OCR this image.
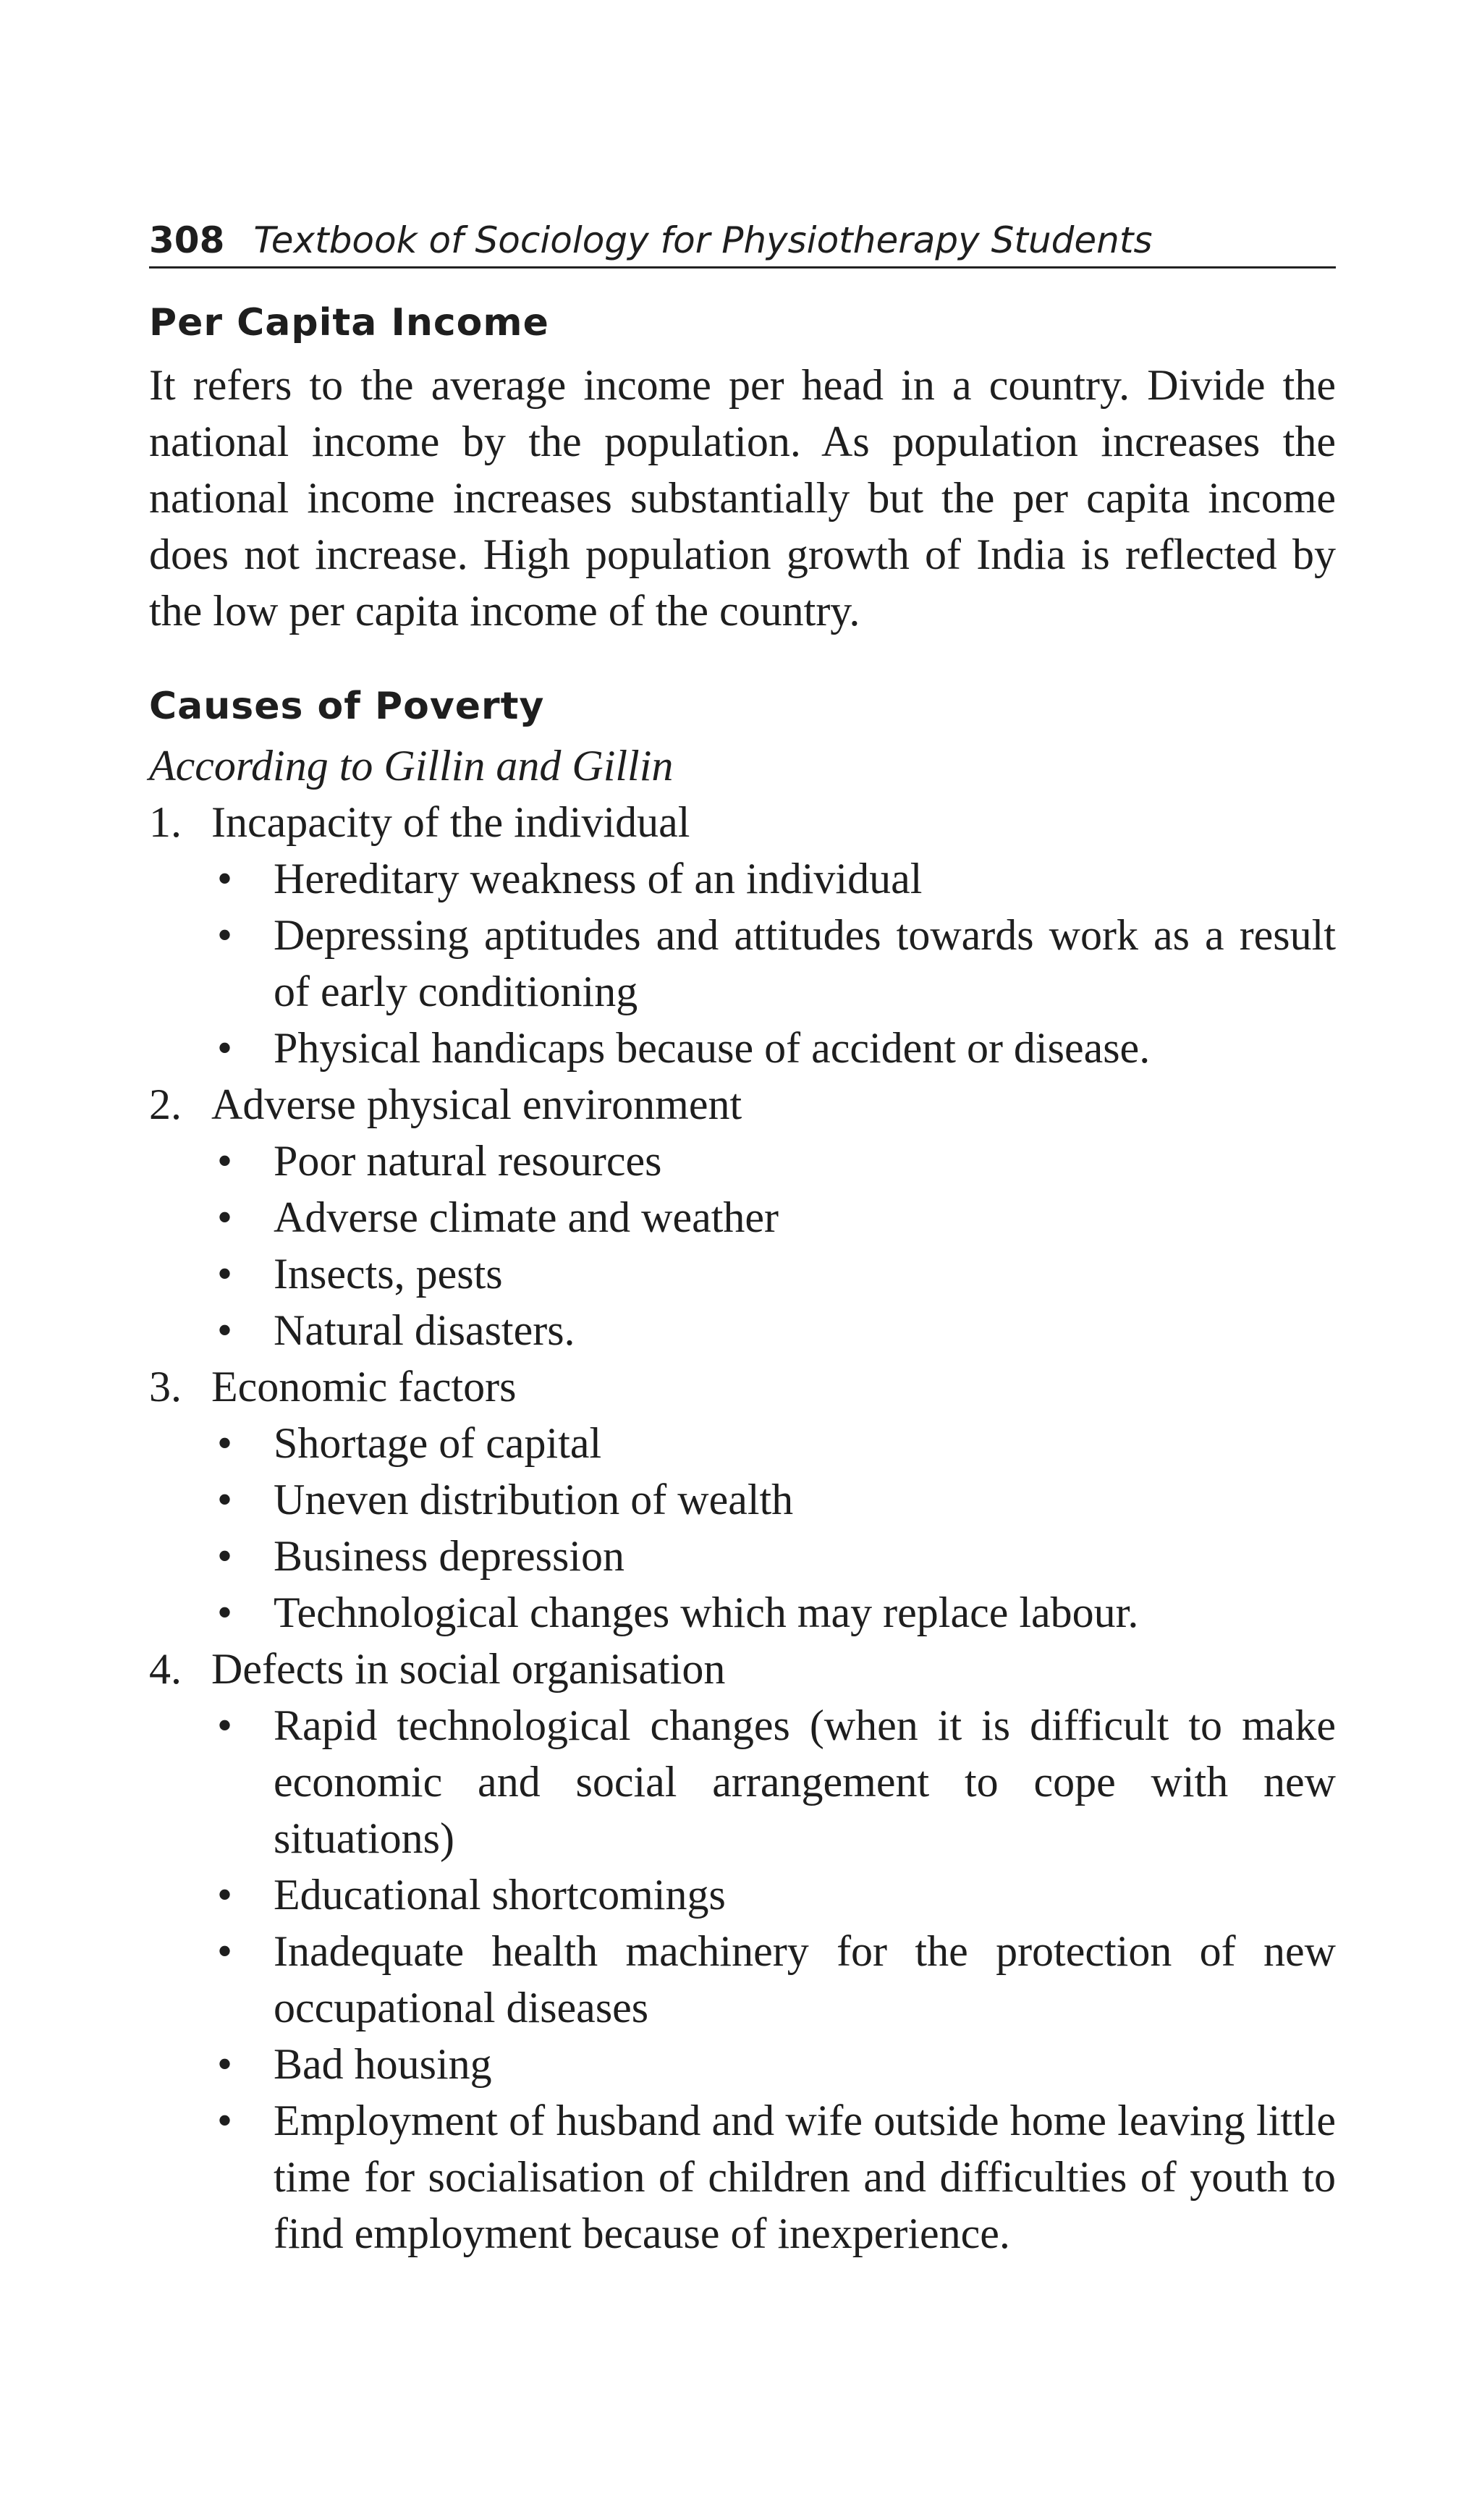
308 Textbook of Sociology for Physiotherapy Students
Per Capita Income

It refers to the average income per head in a country. Divide the national income by the population. As population increases the national income increases substantially but the per capita income does not increase. High population growth of India is reflected by the low per capita income of the country.

Causes of Poverty
According to Gillin and Gillin
1. Incapacity of the individual
• Hereditary weakness of an individual
• Depressing aptitudes and attitudes towards work as a result of early conditioning
• Physical handicaps because of accident or disease.
2. Adverse physical environment
• Poor natural resources
• Adverse climate and weather
• Insects, pests
• Natural disasters.
3. Economic factors
• Shortage of capital
• Uneven distribution of wealth
• Business depression
• Technological changes which may replace labour.
4. Defects in social organisation
• Rapid technological changes (when it is difficult to make economic and social arrangement to cope with new situations)
• Educational shortcomings
• Inadequate health machinery for the protection of new occupational diseases
• Bad housing
• Employment of husband and wife outside home leaving little time for socialisation of children and difficulties of youth to find employment because of inexperience.
